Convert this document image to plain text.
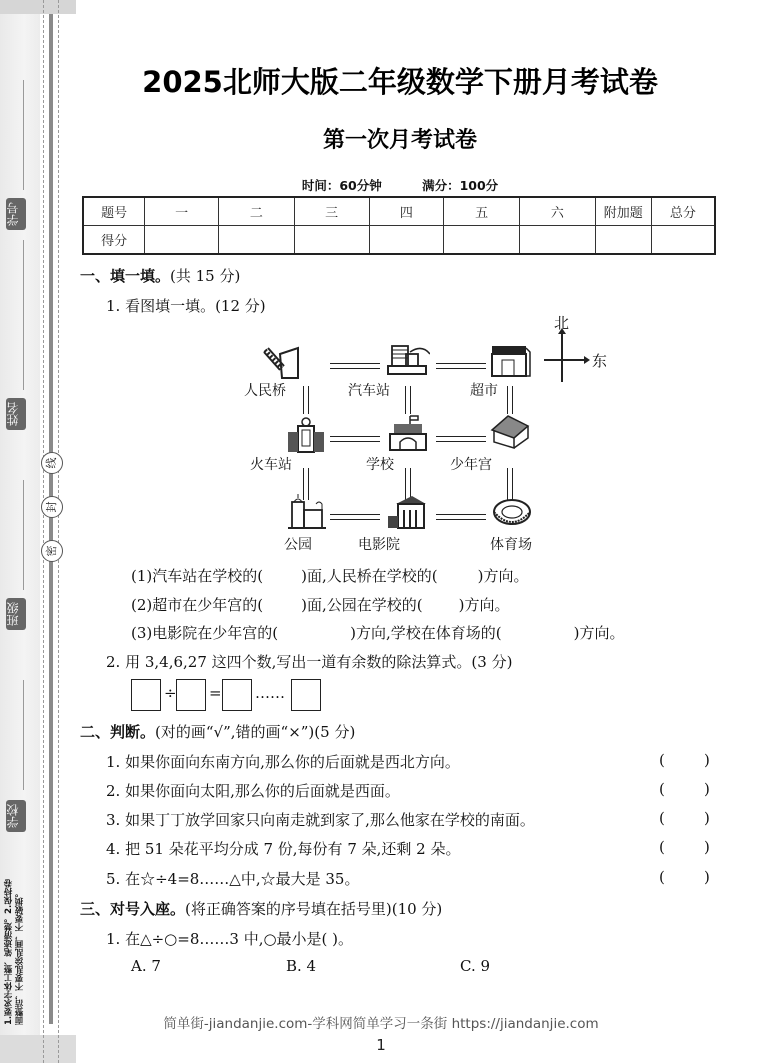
学号
姓名
班级
学校
线
封
密
1.要求字体工整、笔迹清楚。2.保持卷面整洁，不要乱涂乱画，不要破损。
2025北师大版二年级数学下册月考试卷
第一次月考试卷
时间：60分钟	满分：100分
题号	一	二	三	四	五	六	附加题	总分
得分								
一、填一填。(共 15 分)
1. 看图填一填。(12 分)
人民桥	汽车站	超市
北
东
火车站	学校	少年宫
公园	电影院	体育场
(1)汽车站在学校的(	)面,人民桥在学校的(	)方向。
(2)超市在少年宫的(	)面,公园在学校的( )方向。
(3)电影院在少年宫的(	)方向,学校在体育场的(	)方向。
2. 用 3,4,6,27 这四个数,写出一道有余数的除法算式。(3 分)
÷ = ……
二、判断。(对的画“√”,错的画“×”)(5 分)
1. 如果你面向东南方向,那么你的后面就是西北方向。
2. 如果你面向太阳,那么你的后面就是西面。
3. 如果丁丁放学回家只向南走就到家了,那么他家在学校的南面。
4. 把 51 朵花平均分成 7 份,每份有 7 朵,还剩 2 朵。
5. 在☆÷4=8……△中,☆最大是 35。
(	)
(	)
(	)
(	)
(	)
三、对号入座。(将正确答案的序号填在括号里)(10 分)
1. 在△÷○=8……3 中,○最小是( )。
A. 7	B. 4	C. 9
简单街-jiandanjie.com-学科网简单学习一条街 https://jiandanjie.com
1
